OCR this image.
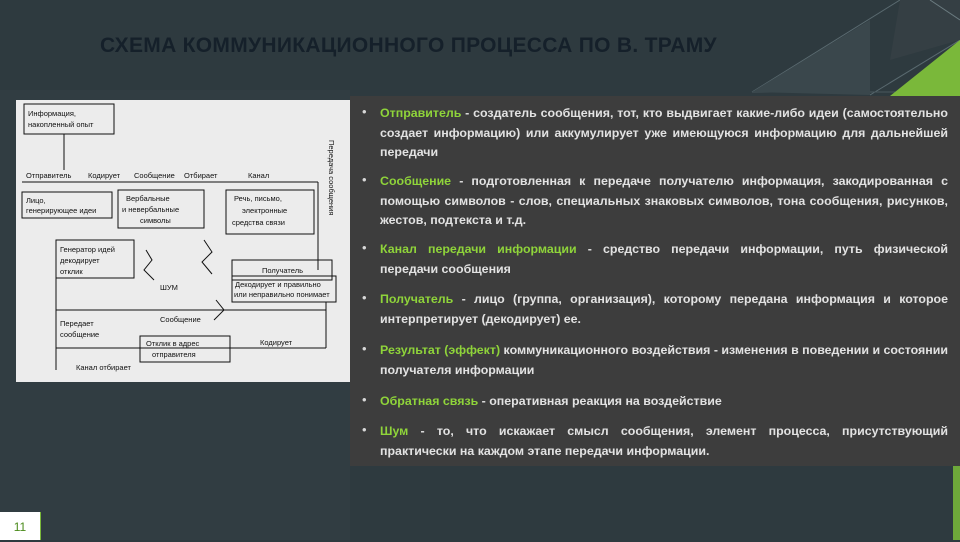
СХЕМА КОММУНИКАЦИОННОГО ПРОЦЕССА ПО В. ТРАМУ
Информация,
накопленный опыт
Отправитель Кодирует Сообщение Отбирает	Канал
Лицо,
генерирующее идеи
Вербальные
и невербальные
символы
Речь, письмо,
электронные
средства связи
Передача сообщения
Генератор идей
декодирует
отклик	Получатель
Декодирует и правильно
или неправильно понимает
ШУМ
Сообщение
Передает
сообщение
Отклик в адрес
отправителя
Кодирует
Канал отбирает
• Отправитель - создатель сообщения, тот, кто выдвигает какие-либо идеи (самостоятельно создает информацию) или аккумулирует уже имеющуюся информацию для дальнейшей передачи
• Сообщение - подготовленная к передаче получателю информация, закодированная с помощью символов - слов, специальных знаковых символов, тона сообщения, рисунков, жестов, подтекста и т.д.
• Канал передачи информации - средство передачи информации, путь физической передачи сообщения
• Получатель - лицо (группа, организация), которому передана информация и которое интерпретирует (декодирует) ее.
• Результат (эффект) коммуникационного воздействия - изменения в поведении и состоянии получателя информации
• Обратная связь - оперативная реакция на воздействие
• Шум - то, что искажает смысл сообщения, элемент процесса, присутствующий практически на каждом этапе передачи информации.
11
